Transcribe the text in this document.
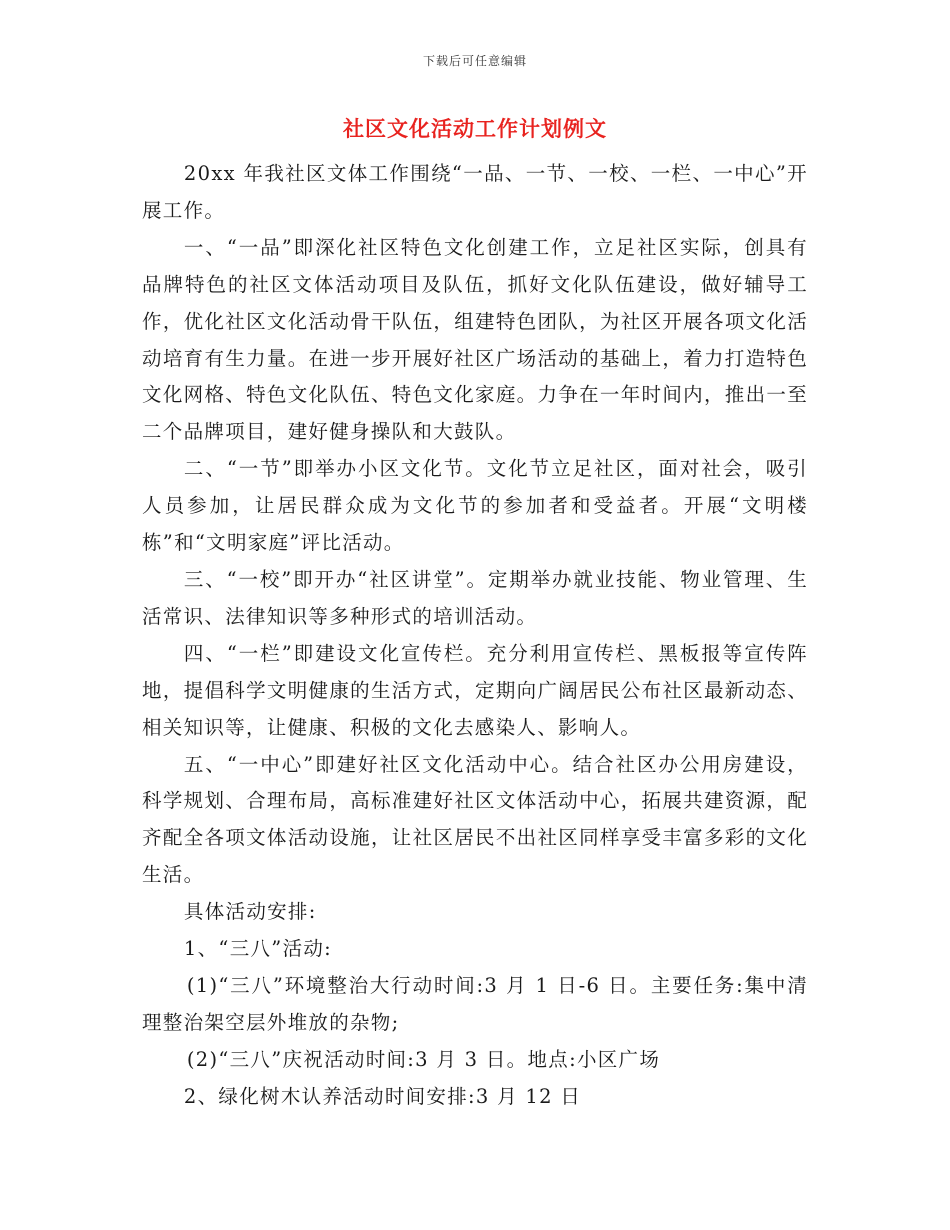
下载后可任意编辑
社区文化活动工作计划例文

20xx 年我社区文体工作围绕“一品、一节、一校、一栏、一中心”开展工作。

一、“一品”即深化社区特色文化创建工作，立足社区实际，创具有品牌特色的社区文体活动项目及队伍，抓好文化队伍建设，做好辅导工作，优化社区文化活动骨干队伍，组建特色团队，为社区开展各项文化活动培育有生力量。在进一步开展好社区广场活动的基础上，着力打造特色文化网格、特色文化队伍、特色文化家庭。力争在一年时间内，推出一至二个品牌项目，建好健身操队和大鼓队。

二、“一节”即举办小区文化节。文化节立足社区，面对社会，吸引人员参加，让居民群众成为文化节的参加者和受益者。开展“文明楼栋”和“文明家庭”评比活动。

三、“一校”即开办“社区讲堂”。定期举办就业技能、物业管理、生活常识、法律知识等多种形式的培训活动。

四、“一栏”即建设文化宣传栏。充分利用宣传栏、黑板报等宣传阵地，提倡科学文明健康的生活方式，定期向广阔居民公布社区最新动态、相关知识等，让健康、积极的文化去感染人、影响人。

五、“一中心”即建好社区文化活动中心。结合社区办公用房建设，科学规划、合理布局，高标准建好社区文体活动中心，拓展共建资源，配齐配全各项文体活动设施，让社区居民不出社区同样享受丰富多彩的文化生活。

具体活动安排:

1、“三八”活动:

(1)“三八”环境整治大行动时间:3 月 1 日-6 日。主要任务:集中清理整治架空层外堆放的杂物;

(2)“三八”庆祝活动时间:3 月 3 日。地点:小区广场

2、绿化树木认养活动时间安排:3 月 12 日
